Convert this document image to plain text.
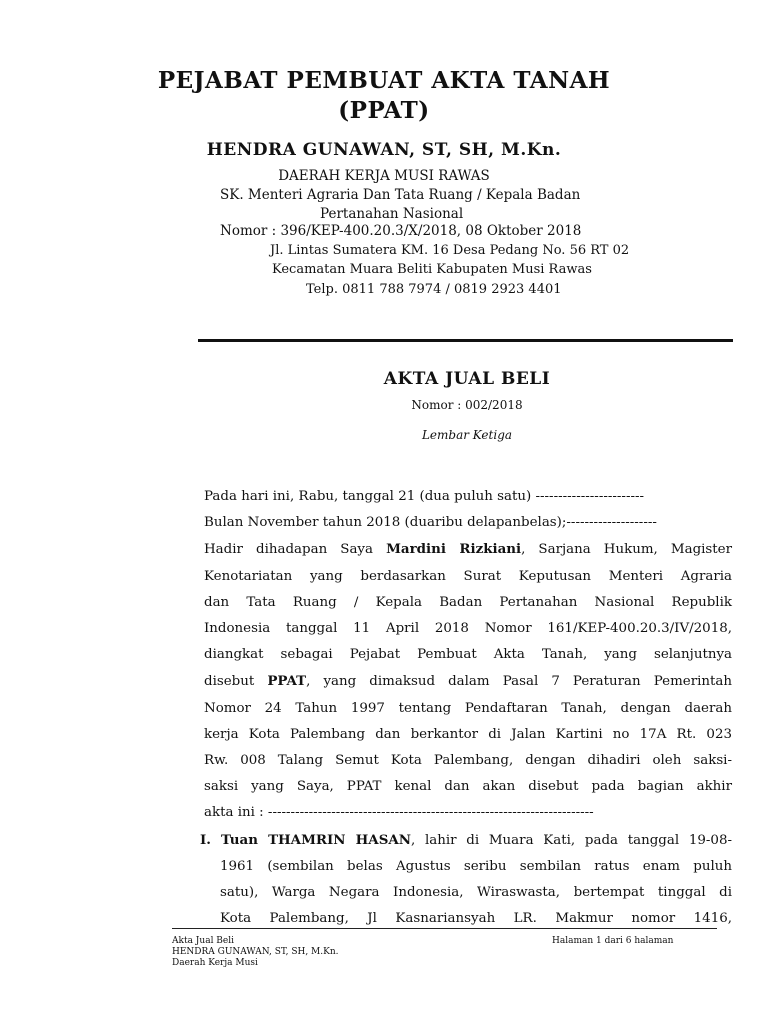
PEJABAT PEMBUAT AKTA TANAH
(PPAT)
HENDRA GUNAWAN, ST, SH, M.Kn.
DAERAH KERJA MUSI RAWAS
SK. Menteri Agraria Dan Tata Ruang / Kepala Badan
Pertanahan Nasional
Nomor : 396/KEP-400.20.3/X/2018, 08 Oktober 2018
Jl. Lintas Sumatera KM. 16 Desa Pedang No. 56 RT 02
Kecamatan Muara Beliti Kabupaten Musi Rawas
Telp. 0811 788 7974 / 0819 2923 4401
AKTA JUAL BELI
Nomor : 002/2018
Lembar Ketiga
Pada hari ini, Rabu, tanggal 21 (dua puluh satu) ------------------------
Bulan November tahun 2018 (duaribu delapanbelas);--------------------
Hadir dihadapan Saya Mardini Rizkiani, Sarjana Hukum, Magister
Kenotariatan yang berdasarkan Surat Keputusan Menteri Agraria
dan Tata Ruang / Kepala Badan Pertanahan Nasional Republik
Indonesia tanggal 11 April 2018 Nomor 161/KEP-400.20.3/IV/2018,
diangkat sebagai Pejabat Pembuat Akta Tanah, yang selanjutnya
disebut PPAT, yang dimaksud dalam Pasal 7 Peraturan Pemerintah
Nomor 24 Tahun 1997 tentang Pendaftaran Tanah, dengan daerah
kerja Kota Palembang dan berkantor di Jalan Kartini no 17A Rt. 023
Rw. 008 Talang Semut Kota Palembang, dengan dihadiri oleh saksi-
saksi yang Saya, PPAT kenal dan akan disebut pada bagian akhir
akta ini : ------------------------------------------------------------------------
I. Tuan THAMRIN HASAN, lahir di Muara Kati, pada tanggal 19-08-
1961 (sembilan belas Agustus seribu sembilan ratus enam puluh
satu), Warga Negara Indonesia, Wiraswasta, bertempat tinggal di
Kota Palembang, Jl Kasnariansyah LR. Makmur nomor 1416,
Akta Jual Beli
HENDRA GUNAWAN, ST, SH, M.Kn.
Daerah Kerja Musi
Halaman 1 dari 6 halaman
